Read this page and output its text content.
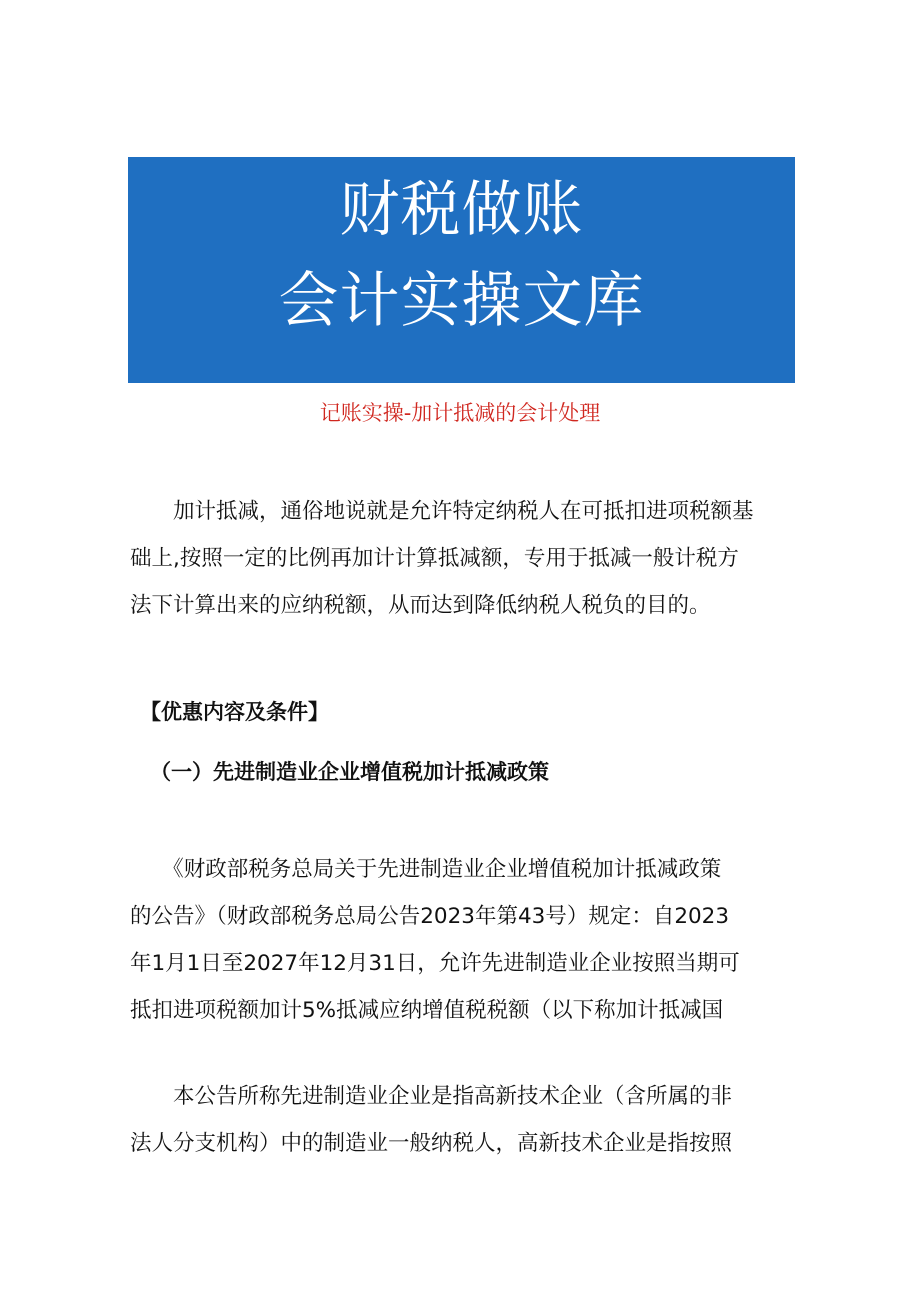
财税做账
会计实操文库
记账实操-加计抵减的会计处理
　　加计抵减，通俗地说就是允许特定纳税人在可抵扣进项税额基
础上,按照一定的比例再加计计算抵减额，专用于抵减一般计税方
法下计算出来的应纳税额，从而达到降低纳税人税负的目的。
【优惠内容及条件】
（一）先进制造业企业增值税加计抵减政策
　　《财政部税务总局关于先进制造业企业增值税加计抵减政策
的公告》（财政部税务总局公告2023年第43号）规定：自2023
年1月1日至2027年12月31日，允许先进制造业企业按照当期可
抵扣进项税额加计5%抵减应纳增值税税额（以下称加计抵减国
　　本公告所称先进制造业企业是指高新技术企业（含所属的非
法人分支机构）中的制造业一般纳税人，高新技术企业是指按照
